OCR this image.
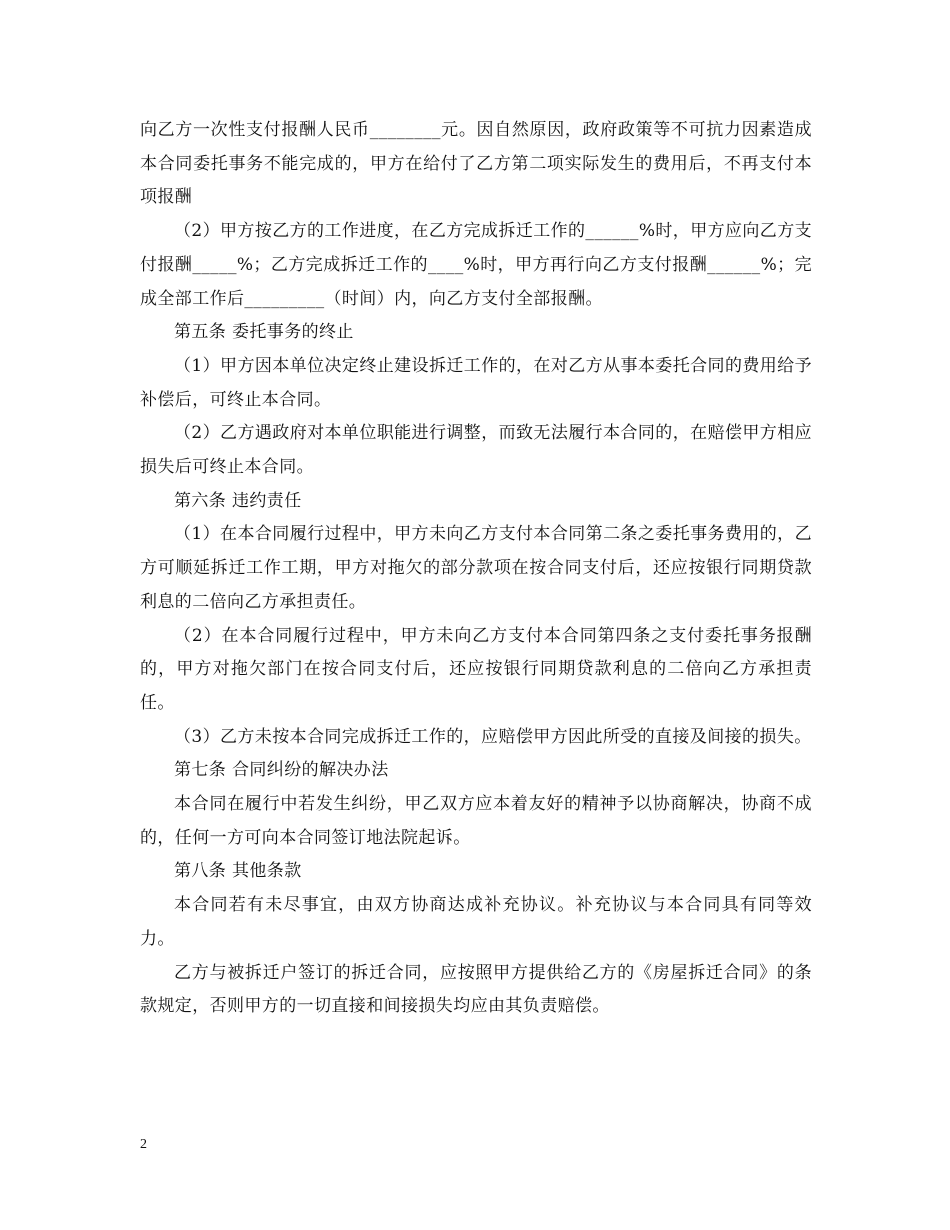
向乙方一次性支付报酬人民币________元。因自然原因，政府政策等不可抗力因素造成本合同委托事务不能完成的，甲方在给付了乙方第二项实际发生的费用后，不再支付本项报酬

（2）甲方按乙方的工作进度，在乙方完成拆迁工作的______%时，甲方应向乙方支付报酬_____%；乙方完成拆迁工作的____%时，甲方再行向乙方支付报酬______%；完成全部工作后_________（时间）内，向乙方支付全部报酬。

第五条 委托事务的终止

（1）甲方因本单位决定终止建设拆迁工作的，在对乙方从事本委托合同的费用给予补偿后，可终止本合同。

（2）乙方遇政府对本单位职能进行调整，而致无法履行本合同的，在赔偿甲方相应损失后可终止本合同。

第六条 违约责任

（1）在本合同履行过程中，甲方未向乙方支付本合同第二条之委托事务费用的，乙方可顺延拆迁工作工期，甲方对拖欠的部分款项在按合同支付后，还应按银行同期贷款利息的二倍向乙方承担责任。

（2）在本合同履行过程中，甲方未向乙方支付本合同第四条之支付委托事务报酬的，甲方对拖欠部门在按合同支付后，还应按银行同期贷款利息的二倍向乙方承担责任。

（3）乙方未按本合同完成拆迁工作的，应赔偿甲方因此所受的直接及间接的损失。

第七条 合同纠纷的解决办法

本合同在履行中若发生纠纷，甲乙双方应本着友好的精神予以协商解决，协商不成的，任何一方可向本合同签订地法院起诉。

第八条 其他条款

本合同若有未尽事宜，由双方协商达成补充协议。补充协议与本合同具有同等效力。

乙方与被拆迁户签订的拆迁合同，应按照甲方提供给乙方的《房屋拆迁合同》的条款规定，否则甲方的一切直接和间接损失均应由其负责赔偿。

2
